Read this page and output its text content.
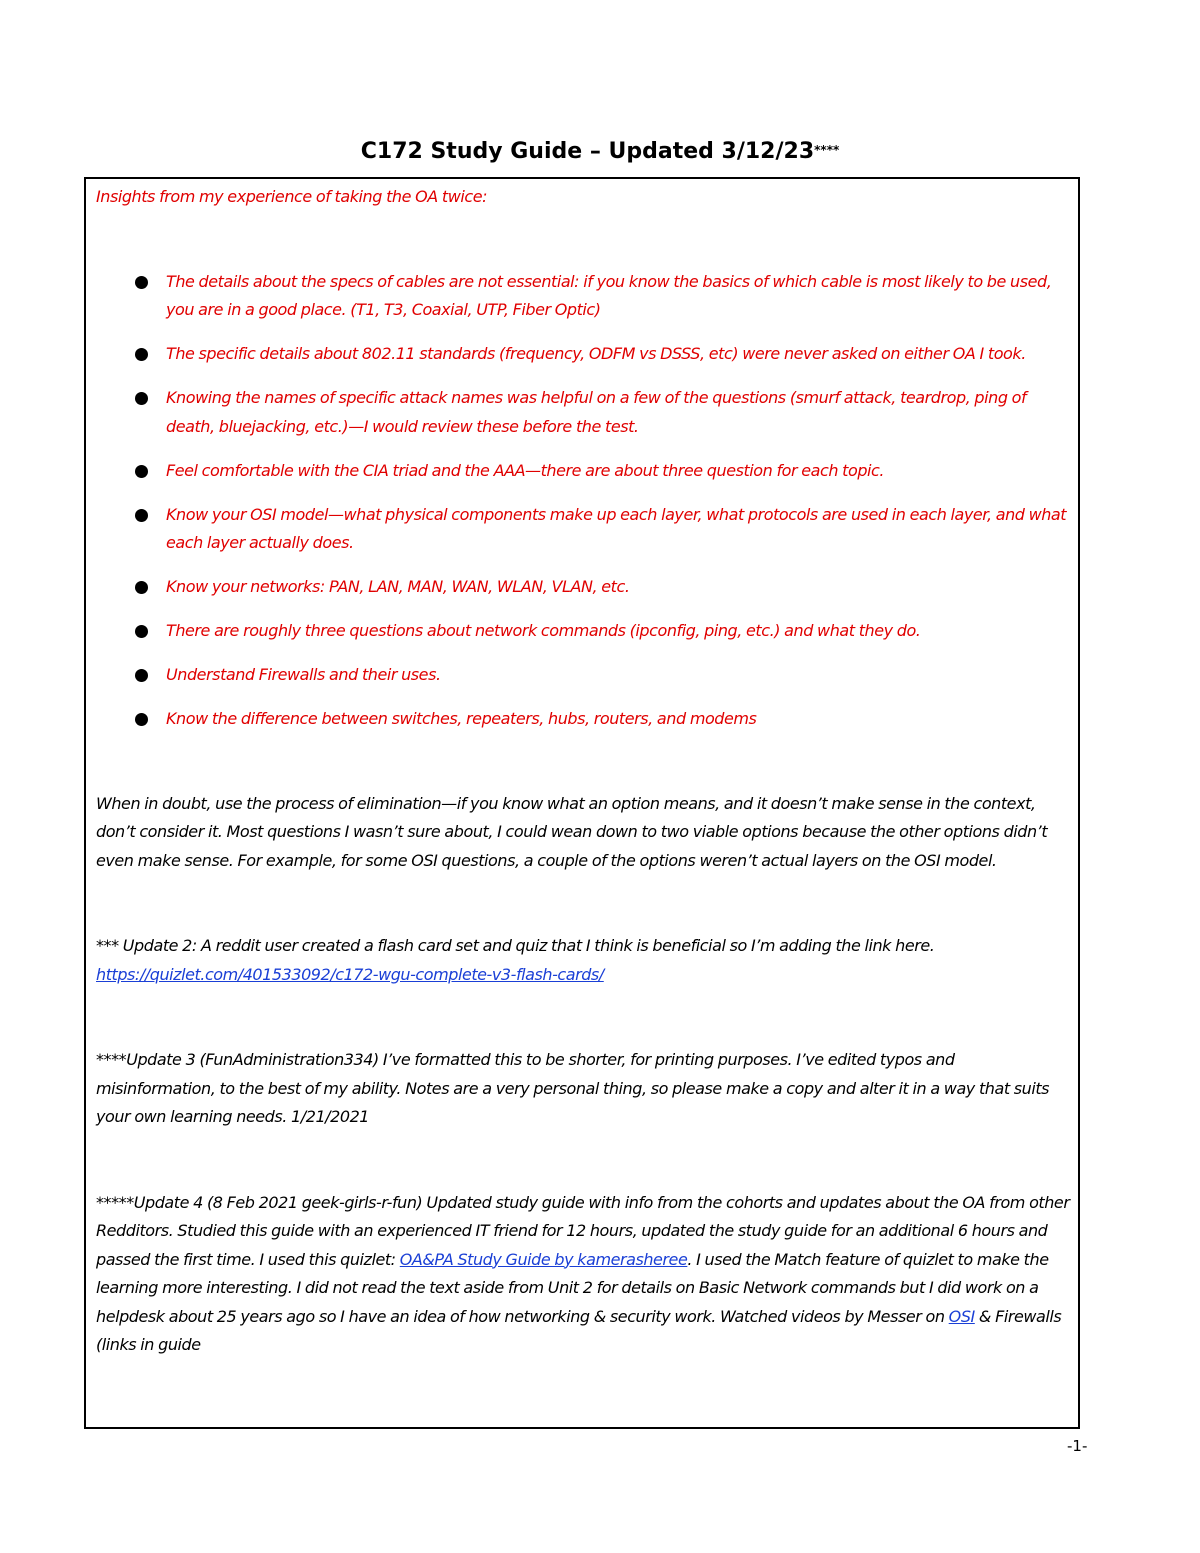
C172 Study Guide – Updated 3/12/23****

Insights from my experience of taking the OA twice:

The details about the specs of cables are not essential: if you know the basics of which cable is most likely to be used, you are in a good place. (T1, T3, Coaxial, UTP, Fiber Optic)
The specific details about 802.11 standards (frequency, ODFM vs DSSS, etc) were never asked on either OA I took.
Knowing the names of specific attack names was helpful on a few of the questions (smurf attack, teardrop, ping of death, bluejacking, etc.)—I would review these before the test.
Feel comfortable with the CIA triad and the AAA—there are about three question for each topic.
Know your OSI model—what physical components make up each layer, what protocols are used in each layer, and what each layer actually does.
Know your networks: PAN, LAN, MAN, WAN, WLAN, VLAN, etc.
There are roughly three questions about network commands (ipconfig, ping, etc.) and what they do.
Understand Firewalls and their uses.
Know the difference between switches, repeaters, hubs, routers, and modems

When in doubt, use the process of elimination—if you know what an option means, and it doesn’t make sense in the context, don’t consider it. Most questions I wasn’t sure about, I could wean down to two viable options because the other options didn’t even make sense. For example, for some OSI questions, a couple of the options weren’t actual layers on the OSI model.

*** Update 2: A reddit user created a flash card set and quiz that I think is beneficial so I’m adding the link here. https://quizlet.com/401533092/c172-wgu-complete-v3-flash-cards/

****Update 3 (FunAdministration334) I’ve formatted this to be shorter, for printing purposes. I’ve edited typos and misinformation, to the best of my ability. Notes are a very personal thing, so please make a copy and alter it in a way that suits your own learning needs. 1/21/2021

*****Update 4 (8 Feb 2021 geek-girls-r-fun) Updated study guide with info from the cohorts and updates about the OA from other Redditors. Studied this guide with an experienced IT friend for 12 hours, updated the study guide for an additional 6 hours and passed the first time. I used this quizlet: OA&PA Study Guide by kamerasheree. I used the Match feature of quizlet to make the learning more interesting. I did not read the text aside from Unit 2 for details on Basic Network commands but I did work on a helpdesk about 25 years ago so I have an idea of how networking & security work. Watched videos by Messer on OSI & Firewalls (links in guide

-1-
